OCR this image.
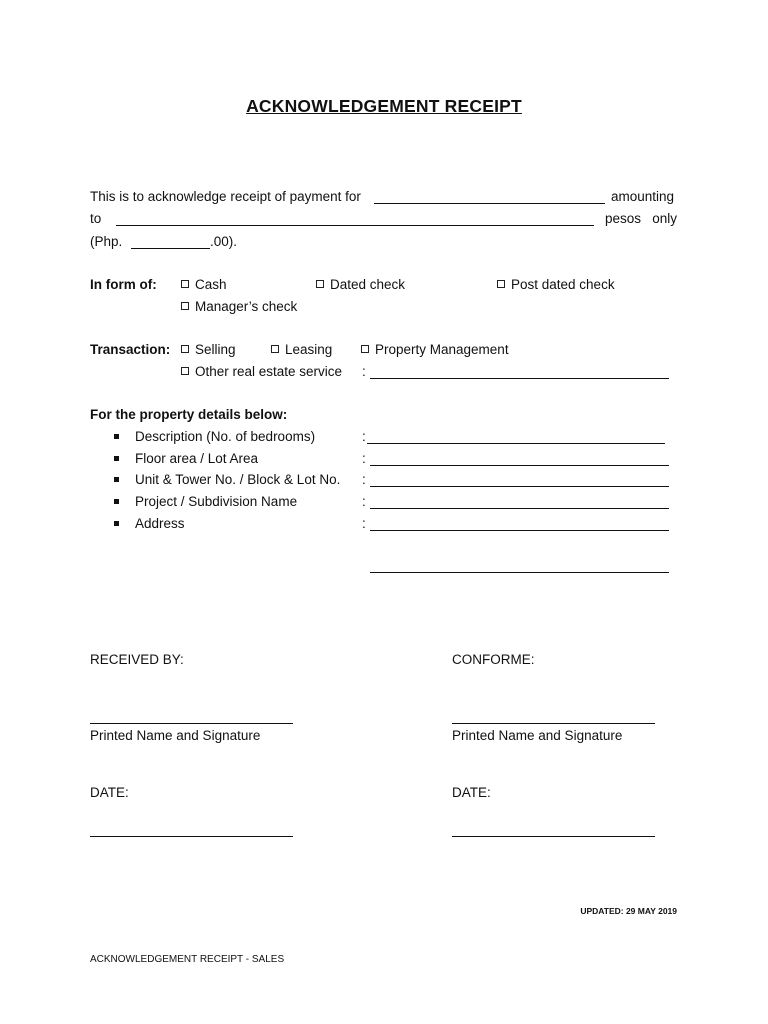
ACKNOWLEDGEMENT RECEIPT
This is to acknowledge receipt of payment for	amounting
to	pesos   only
(Php.	.00).
In form of:	Cash	Dated check	Post dated check
Manager’s check
Transaction:	Selling	Leasing	Property Management
Other real estate service :
For the property details below:
Description (No. of bedrooms)	:
Floor area / Lot Area	:
Unit & Tower No. / Block & Lot No. :
Project / Subdivision Name	:
Address	:
RECEIVED BY:	CONFORME:
Printed Name and Signature	Printed Name and Signature
DATE:	DATE:
UPDATED: 29 MAY 2019
ACKNOWLEDGEMENT RECEIPT - SALES
